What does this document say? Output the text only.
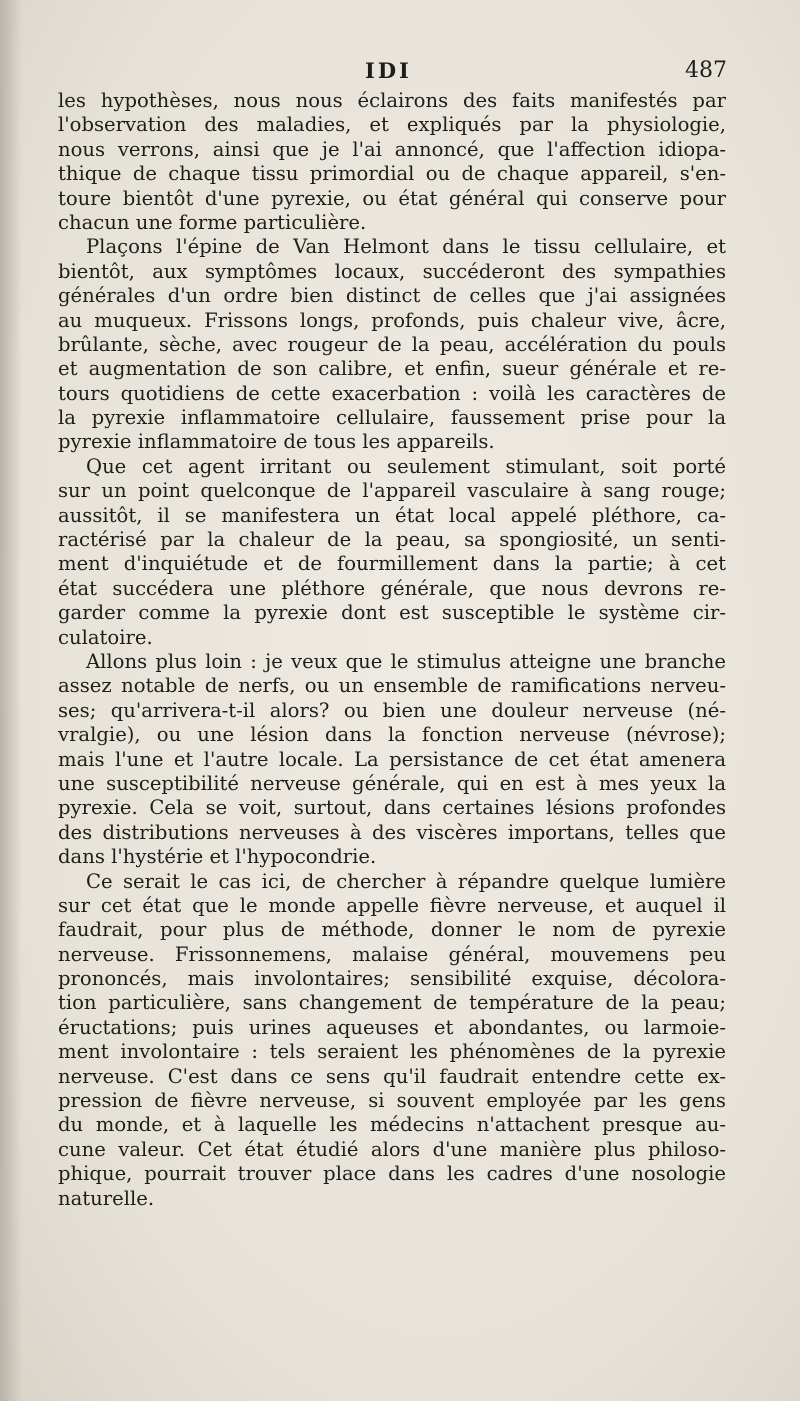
IDI	487
les hypothèses, nous nous éclairons des faits manifestés par
l'observation des maladies, et expliqués par la physiologie,
nous verrons, ainsi que je l'ai annoncé, que l'affection idiopa-
thique de chaque tissu primordial ou de chaque appareil, s'en-
toure bientôt d'une pyrexie, ou état général qui conserve pour
chacun une forme particulière.
Plaçons l'épine de Van Helmont dans le tissu cellulaire, et
bientôt, aux symptômes locaux, succéderont des sympathies
générales d'un ordre bien distinct de celles que j'ai assignées
au muqueux. Frissons longs, profonds, puis chaleur vive, âcre,
brûlante, sèche, avec rougeur de la peau, accélération du pouls
et augmentation de son calibre, et enfin, sueur générale et re-
tours quotidiens de cette exacerbation : voilà les caractères de
la pyrexie inflammatoire cellulaire, faussement prise pour la
pyrexie inflammatoire de tous les appareils.
Que cet agent irritant ou seulement stimulant, soit porté
sur un point quelconque de l'appareil vasculaire à sang rouge;
aussitôt, il se manifestera un état local appelé pléthore, ca-
ractérisé par la chaleur de la peau, sa spongiosité, un senti-
ment d'inquiétude et de fourmillement dans la partie; à cet
état succédera une pléthore générale, que nous devrons re-
garder comme la pyrexie dont est susceptible le système cir-
culatoire.
Allons plus loin : je veux que le stimulus atteigne une branche
assez notable de nerfs, ou un ensemble de ramifications nerveu-
ses; qu'arrivera-t-il alors? ou bien une douleur nerveuse (né-
vralgie), ou une lésion dans la fonction nerveuse (névrose);
mais l'une et l'autre locale. La persistance de cet état amenera
une susceptibilité nerveuse générale, qui en est à mes yeux la
pyrexie. Cela se voit, surtout, dans certaines lésions profondes
des distributions nerveuses à des viscères importans, telles que
dans l'hystérie et l'hypocondrie.
Ce serait le cas ici, de chercher à répandre quelque lumière
sur cet état que le monde appelle fièvre nerveuse, et auquel il
faudrait, pour plus de méthode, donner le nom de pyrexie
nerveuse. Frissonnemens, malaise général, mouvemens peu
prononcés, mais involontaires; sensibilité exquise, décolora-
tion particulière, sans changement de température de la peau;
éructations; puis urines aqueuses et abondantes, ou larmoie-
ment involontaire : tels seraient les phénomènes de la pyrexie
nerveuse. C'est dans ce sens qu'il faudrait entendre cette ex-
pression de fièvre nerveuse, si souvent employée par les gens
du monde, et à laquelle les médecins n'attachent presque au-
cune valeur. Cet état étudié alors d'une manière plus philoso-
phique, pourrait trouver place dans les cadres d'une nosologie
naturelle.
